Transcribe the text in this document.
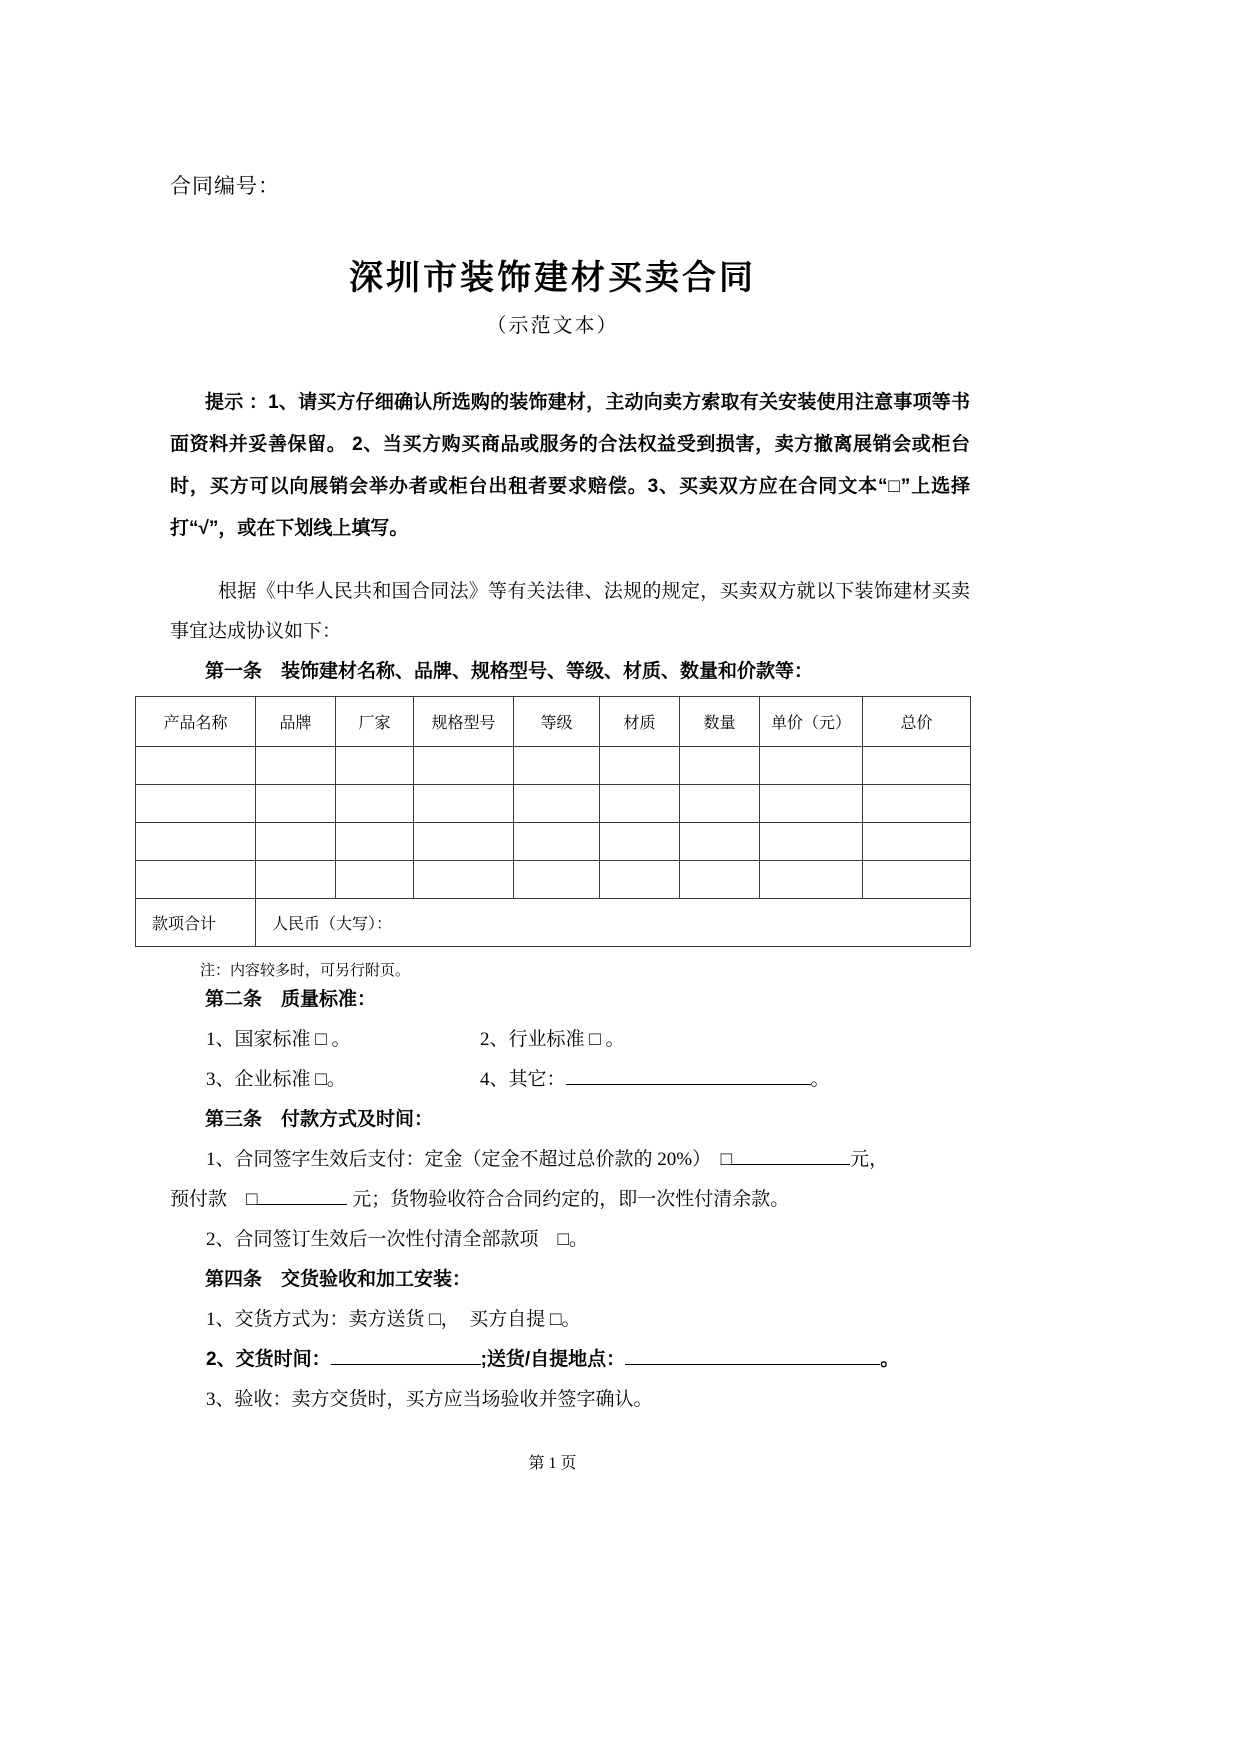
合同编号：

深圳市装饰建材买卖合同

（示范文本）

提示 ：1、请买方仔细确认所选购的装饰建材，主动向卖方索取有关安装使用注意事项等书面资料并妥善保留。 2、当买方购买商品或服务的合法权益受到损害，卖方撤离展销会或柜台时，买方可以向展销会举办者或柜台出租者要求赔偿。3、买卖双方应在合同文本“□”上选择打“√”，或在下划线上填写。

根据《中华人民共和国合同法》等有关法律、法规的规定，买卖双方就以下装饰建材买卖事宜达成协议如下：

第一条　装饰建材名称、品牌、规格型号、等级、材质、数量和价款等：

产品名称	品牌	厂家	规格型号	等级	材质	数量	单价（元）	总价

款项合计	人民币（大写）：							

注：内容较多时，可另行附页。

第二条　质量标准：

1、国家标准 □ 。	2、行业标准 □ 。

3、企业标准 □。	4、其它：	。

第三条　付款方式及时间：

1、合同签字生效后支付：定金（定金不超过总价款的 20%）　□	元，

预付款　□	元；货物验收符合合同约定的，即一次性付清余款。

2、合同签订生效后一次性付清全部款项　□。

第四条　交货验收和加工安装：

1、交货方式为：卖方送货 □，　买方自提 □。

2、交货时间：	;送货/自提地点：	。

3、验收：卖方交货时，买方应当场验收并签字确认。

第 1 页
